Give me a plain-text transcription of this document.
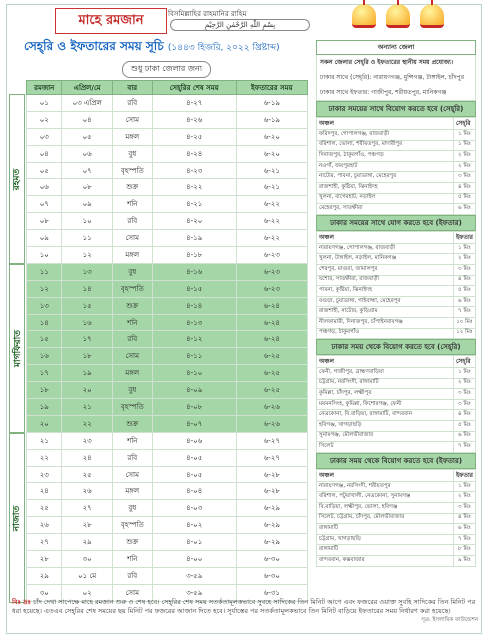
মাহে রমজান	বিসমিল্লাহির রাহমানির রাহিম
بِسْمِ اللّٰهِ الرَّحْمٰنِ الرَّحِيْمِ
সেহ্‌রি ও ইফতারের সময় সূচি (১৪৪৩ হিজরি, ২০২২ খ্রিষ্টাব্দ)
শুধু ঢাকা জেলার জন্য
রহমত
মাগফিরাত
নাজাত
রমজান	এপ্রিল/মে	বার	সেহ্‌রির শেষ সময়	ইফতারের সময়
০১	০৩ এপ্রিল	রবি	৪-২৭	৬-১৯
০২	০৪	সোম	৪-২৬	৬-১৯
০৩	০৫	মঙ্গল	৪-২৫	৬-২০
০৪	০৬	বুধ	৪-২৪	৬-২০
০৫	০৭	বৃহস্পতি	৪-২৩	৬-২১
০৬	০৮	শুক্র	৪-২২	৬-২১
০৭	০৯	শনি	৪-২১	৬-২২
০৮	১০	রবি	৪-২০	৬-২২
০৯	১১	সোম	৪-১৯	৬-২২
১০	১২	মঙ্গল	৪-১৮	৬-২৩
১১	১৩	বুধ	৪-১৬	৬-২৩
১২	১৪	বৃহস্পতি	৪-১৫	৬-২৩
১৩	১৫	শুক্র	৪-১৪	৬-২৪
১৪	১৬	শনি	৪-১৩	৬-২৪
১৫	১৭	রবি	৪-১২	৬-২৪
১৬	১৮	সোম	৪-১১	৬-২৫
১৭	১৯	মঙ্গল	৪-১০	৬-২৫
১৮	২০	বুধ	৪-০৯	৬-২৫
১৯	২১	বৃহস্পতি	৪-০৮	৬-২৬
২০	২২	শুক্র	৪-০৭	৬-২৬
২১	২৩	শনি	৪-০৬	৬-২৭
২২	২৪	রবি	৪-০৫	৬-২৭
২৩	২৫	সোম	৪-০৫	৬-২৮
২৪	২৬	মঙ্গল	৪-০৪	৬-২৮
২৫	২৭	বুধ	৪-০৩	৬-২৯
২৬	২৮	বৃহস্পতি	৪-০২	৬-২৯
২৭	২৯	শুক্র	৪-০১	৬-২৯
২৮	৩০	শনি	৪-০০	৬-৩০
২৯	০১ মে	রবি	৩-৫৯	৬-৩০
৩০	০২	সোম	৩-৫৯	৬-৩১
অন্যান্য জেলা
সকল জেলার সেহ্‌রি ও ইফতারের স্থানীয় সময় প্রযোজ্য।
ঢাকার সাথে (সেহ্‌রি): নারায়ণগঞ্জ, মুন্সিগঞ্জ, টাঙ্গাইল, চাঁদপুর
ঢাকার সাথে ইফতার: গাজীপুর, শরীয়তপুর, মানিকগঞ্জ
ঢাকার সময়ের সাথে বিয়োগ করতে হবে (সেহ্‌রি)
অঞ্চল	সেহ্‌রি
ফরিদপুর, গোপালগঞ্জ, রাজবাড়ী	১ মিঃ
বরিশাল, ভোলা, শরীয়তপুর, মাদারীপুর	১ মিঃ
দিনাজপুর, ঠাকুরগাঁও, পঞ্চগড়	২ মিঃ
নওগাঁ, জয়পুরহাট	২ মিঃ
নাটোর, পাবনা, চুয়াডাঙ্গা, মেহেরপুর	৩ মিঃ
রাজশাহী, কুষ্টিয়া, ঝিনাইদহ	৪ মিঃ
খুলনা, বাগেরহাট, নড়াইল	৫ মিঃ
মেহেরপুর, সাতক্ষীরা	৬ মিঃ
ঢাকার সময়ের সাথে যোগ করতে হবে (ইফতার)
অঞ্চল	ইফতার
নারায়ণগঞ্জ, গোপালগঞ্জ, রাজবাড়ী	১ মিঃ
খুলনা, টাঙ্গাইল, নড়াইল, মানিকগঞ্জ	২ মিঃ
শেরপুর, মাগুরা, জামালপুর	৩ মিঃ
যশোর, সাতক্ষীরা, রাজবাড়ী	৪ মিঃ
পাবনা, কুষ্টিয়া, ঝিনাইদহ	৫ মিঃ
বগুড়া, চুয়াডাঙ্গা, গাইবান্ধা, মেহেরপুর	৬ মিঃ
রাজশাহী, নাটোর, কুড়িগ্রাম	৭ মিঃ
নীলফামারী, দিনাজপুর, চাঁপাইনবাবগঞ্জ	১০ মিঃ
পঞ্চগড়, ঠাকুরগাঁও	১২ মিঃ
ঢাকার সময় থেকে বিয়োগ করতে হবে (সেহ্‌রি)
অঞ্চল	সেহ্‌রি
ফেনী, গাজীপুর, ব্রাহ্মণবাড়িয়া	১ মিঃ
চট্টগ্রাম, নরসিংদী, রাঙ্গামাটি	২ মিঃ
কুমিল্লা, চাঁদপুর, লক্ষ্মীপুর	৩ মিঃ
ময়মনসিংহ, কুমিল্লা, কিশোরগঞ্জ, ফেনী	৩ মিঃ
নেত্রকোনা, বি.বাড়িয়া, রাঙ্গামাটি, বান্দরবান	৪ মিঃ
হবিগঞ্জ, খাগড়াছড়ি	৫ মিঃ
সুনামগঞ্জ, মৌলভীবাজার	৬ মিঃ
সিলেট	৭ মিঃ
ঢাকার সময় থেকে বিয়োগ করতে হবে (ইফতার)
অঞ্চল	ইফতার
নারায়ণগঞ্জ, নরসিংদী, শরীয়তপুর	১ মিঃ
বরিশাল, পটুয়াখালী, নেত্রকোনা, সুনামগঞ্জ	২ মিঃ
বি.বাড়িয়া, লক্ষ্মীপুর, ভোলা, হবিগঞ্জ	৩ মিঃ
সিলেট, চট্টগ্রাম, চাঁদপুর, মৌলভীবাজার	৪ মিঃ
রাঙ্গামাটি	৬ মিঃ
চট্টগ্রাম, খাগড়াছড়ি	৭ মিঃ
রাঙ্গামাটি	৮ মিঃ
বান্দরবান, কক্সবাজার	৯ মিঃ
বিঃ দ্রঃ চাঁদ দেখা সাপেক্ষে মাহে রমজান শুরু ও শেষ হবে। সেহ্‌রির শেষ সময় সতর্কতামূলকভাবে সুবহে সাদিকের তিন মিনিট আগে এবং ফজরের ওয়াক্ত সুবহি সাদিকের তিন মিনিট পর ধরা হয়েছে। এতএব সেহ্‌রির শেষ সময়ের ছয় মিনিট পর ফজরের আজান দিতে হবে। সূর্যাস্তের পর সতর্কতামূলকভাবে তিন মিনিট বাড়িয়ে ইফতারের সময় নির্ধারণ করা হয়েছে।
সূত্র: ইসলামিক ফাউন্ডেশন
